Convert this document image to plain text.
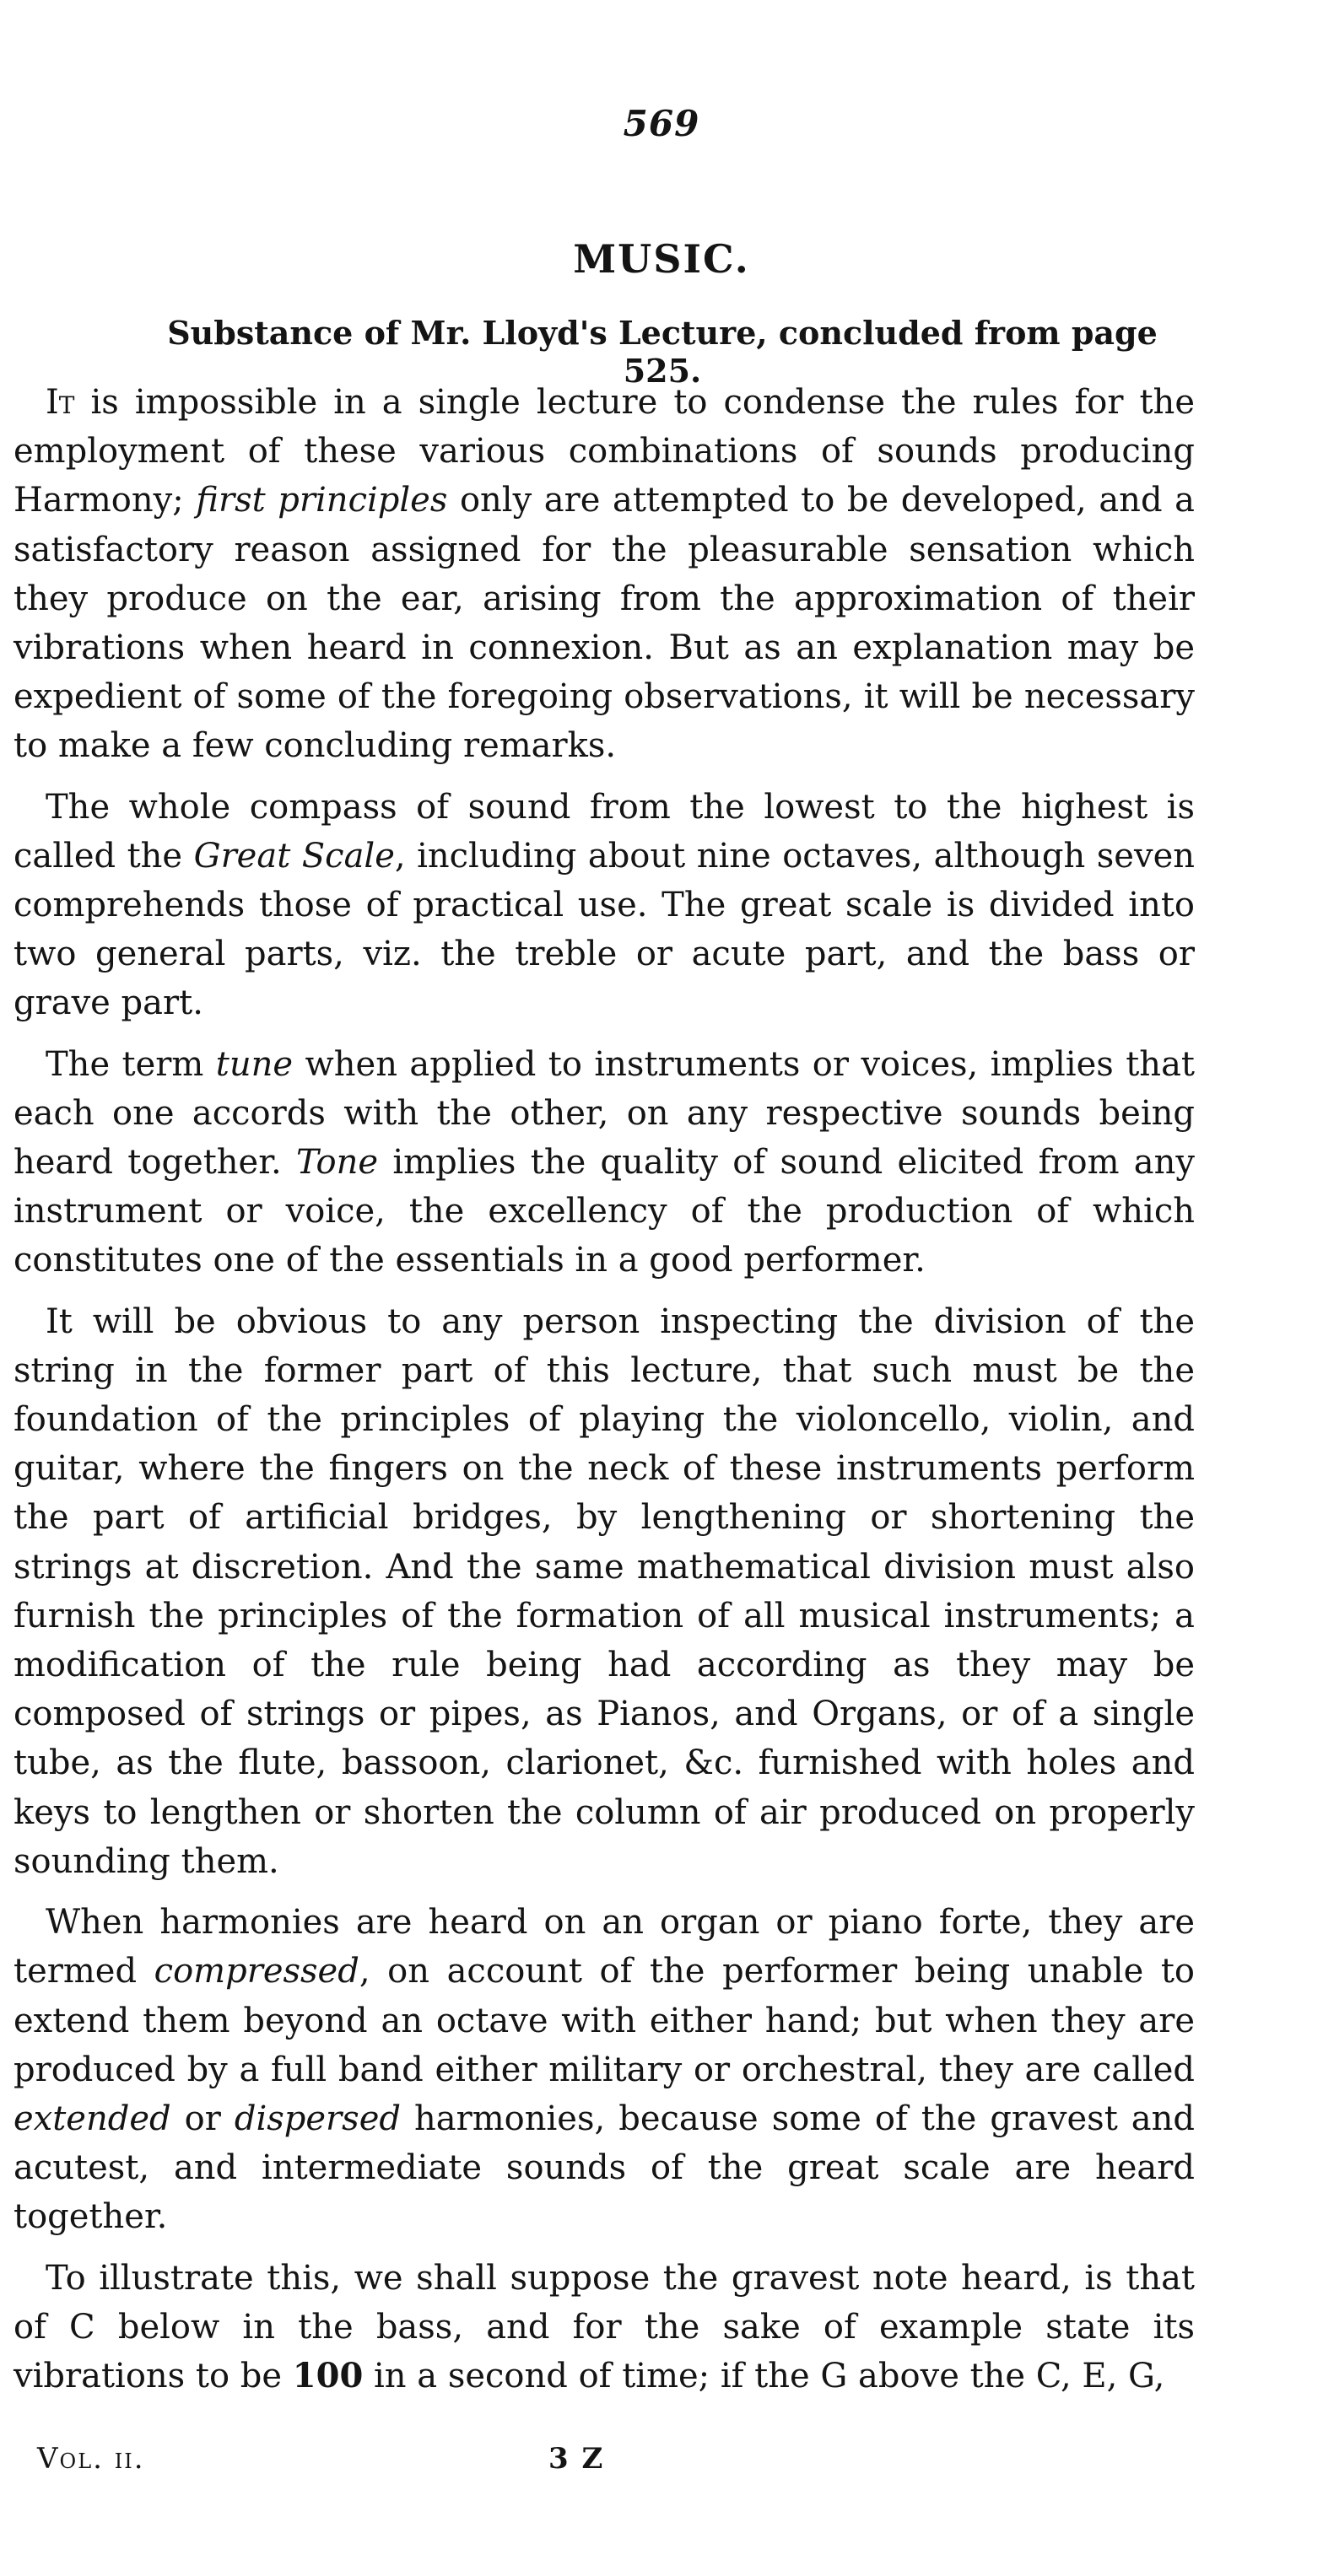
569
MUSIC.
Substance of Mr. Lloyd's Lecture, concluded from page 525.

It is impossible in a single lecture to condense the rules for the employment of these various combinations of sounds producing Harmony; first principles only are attempted to be developed, and a satisfactory reason assigned for the pleasurable sensation which they produce on the ear, arising from the approximation of their vibrations when heard in connexion. But as an explanation may be expedient of some of the foregoing observations, it will be necessary to make a few concluding remarks.

The whole compass of sound from the lowest to the highest is called the Great Scale, including about nine octaves, although seven comprehends those of practical use. The great scale is divided into two general parts, viz. the treble or acute part, and the bass or grave part.

The term tune when applied to instruments or voices, implies that each one accords with the other, on any respective sounds being heard together. Tone implies the quality of sound elicited from any instrument or voice, the excellency of the production of which constitutes one of the essentials in a good performer.

It will be obvious to any person inspecting the division of the string in the former part of this lecture, that such must be the foundation of the principles of playing the violoncello, violin, and guitar, where the fingers on the neck of these instruments perform the part of artificial bridges, by lengthening or shortening the strings at discretion. And the same mathematical division must also furnish the principles of the formation of all musical instruments; a modification of the rule being had according as they may be composed of strings or pipes, as Pianos, and Organs, or of a single tube, as the flute, bassoon, clarionet, &c. furnished with holes and keys to lengthen or shorten the column of air produced on properly sounding them.

When harmonies are heard on an organ or piano forte, they are termed compressed, on account of the performer being unable to extend them beyond an octave with either hand; but when they are produced by a full band either military or orchestral, they are called extended or dispersed harmonies, because some of the gravest and acutest, and intermediate sounds of the great scale are heard together.

To illustrate this, we shall suppose the gravest note heard, is that of C below in the bass, and for the sake of example state its vibrations to be 100 in a second of time; if the G above the C, E, G,

Vol. ii.	3 Z
